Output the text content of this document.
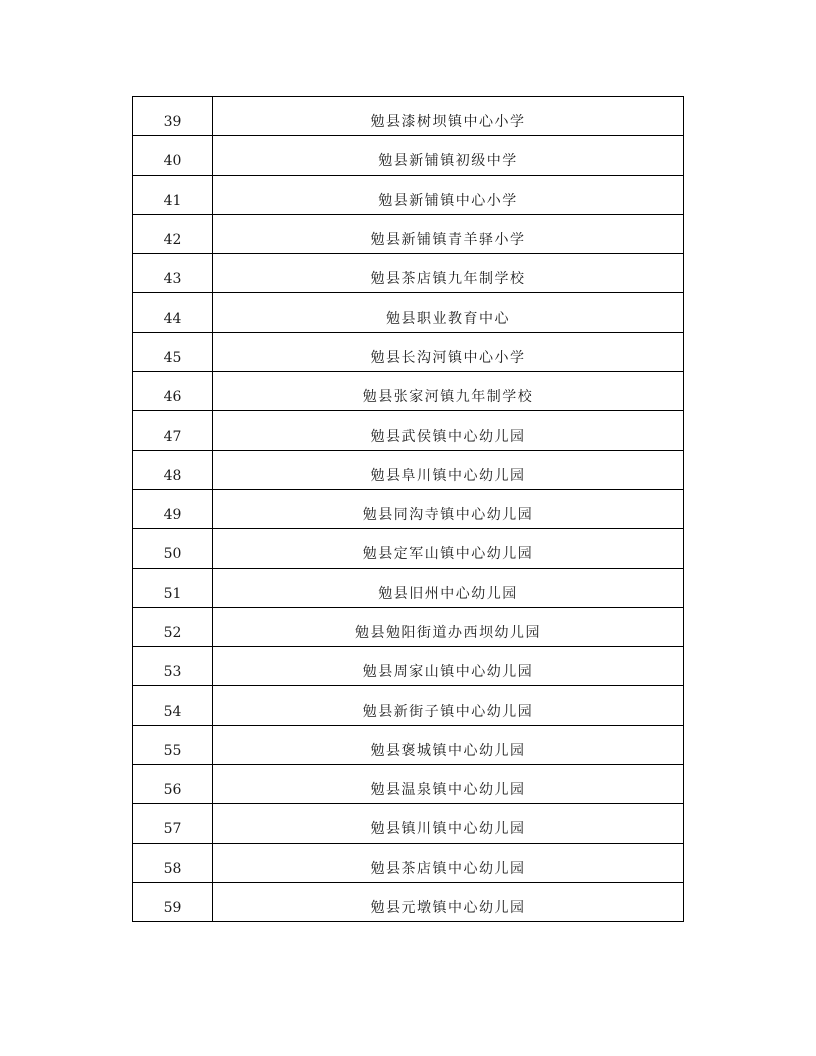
39	勉县漆树坝镇中心小学
40	勉县新铺镇初级中学
41	勉县新铺镇中心小学
42	勉县新铺镇青羊驿小学
43	勉县茶店镇九年制学校
44	勉县职业教育中心
45	勉县长沟河镇中心小学
46	勉县张家河镇九年制学校
47	勉县武侯镇中心幼儿园
48	勉县阜川镇中心幼儿园
49	勉县同沟寺镇中心幼儿园
50	勉县定军山镇中心幼儿园
51	勉县旧州中心幼儿园
52	勉县勉阳街道办西坝幼儿园
53	勉县周家山镇中心幼儿园
54	勉县新街子镇中心幼儿园
55	勉县褒城镇中心幼儿园
56	勉县温泉镇中心幼儿园
57	勉县镇川镇中心幼儿园
58	勉县茶店镇中心幼儿园
59	勉县元墩镇中心幼儿园
